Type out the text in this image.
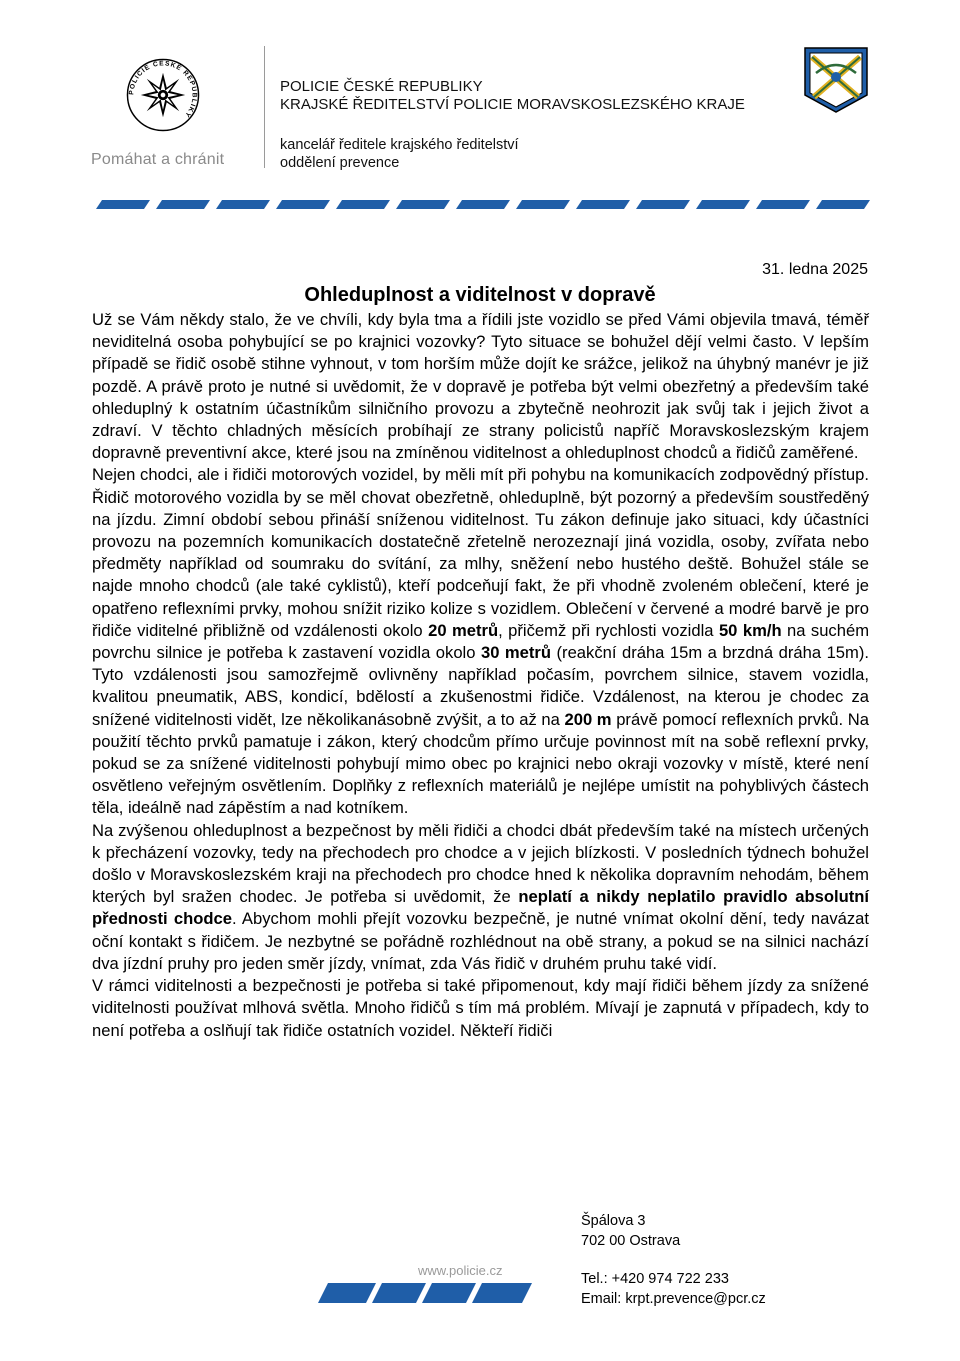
POLICIE ČESKÉ REPUBLIKY
Pomáhat a chránit
POLICIE ČESKÉ REPUBLIKY
KRAJSKÉ ŘEDITELSTVÍ POLICIE MORAVSKOSLEZSKÉHO KRAJE
kancelář ředitele krajského ředitelství
oddělení prevence
31. ledna 2025
Ohleduplnost a viditelnost v dopravě

Už se Vám někdy stalo, že ve chvíli, kdy byla tma a řídili jste vozidlo se před Vámi objevila tmavá, téměř neviditelná osoba pohybující se po krajnici vozovky? Tyto situace se bohužel dějí velmi často. V lepším případě se řidič osobě stihne vyhnout, v tom horším může dojít ke srážce, jelikož na úhybný manévr je již pozdě. A právě proto je nutné si uvědomit, že v dopravě je potřeba být velmi obezřetný a především také ohleduplný k ostatním účastníkům silničního provozu a zbytečně neohrozit jak svůj tak i jejich život a zdraví. V těchto chladných měsících probíhají ze strany policistů napříč Moravskoslezským krajem dopravně preventivní akce, které jsou na zmíněnou viditelnost a ohleduplnost chodců a řidičů zaměřené.

Nejen chodci, ale i řidiči motorových vozidel, by měli mít při pohybu na komunikacích zodpovědný přístup. Řidič motorového vozidla by se měl chovat obezřetně, ohleduplně, být pozorný a především soustředěný na jízdu. Zimní období sebou přináší sníženou viditelnost. Tu zákon definuje jako situaci, kdy účastníci provozu na pozemních komunikacích dostatečně zřetelně nerozeznají jiná vozidla, osoby, zvířata nebo předměty například od soumraku do svítání, za mlhy, sněžení nebo hustého deště. Bohužel stále se najde mnoho chodců (ale také cyklistů), kteří podceňují fakt, že při vhodně zvoleném oblečení, které je opatřeno reflexními prvky, mohou snížit riziko kolize s vozidlem. Oblečení v červené a modré barvě je pro řidiče viditelné přibližně od vzdálenosti okolo 20 metrů, přičemž při rychlosti vozidla 50 km/h na suchém povrchu silnice je potřeba k zastavení vozidla okolo 30 metrů (reakční dráha 15m a brzdná dráha 15m). Tyto vzdálenosti jsou samozřejmě ovlivněny například počasím, povrchem silnice, stavem vozidla, kvalitou pneumatik, ABS, kondicí, bdělostí a zkušenostmi řidiče. Vzdálenost, na kterou je chodec za snížené viditelnosti vidět, lze několikanásobně zvýšit, a to až na 200 m právě pomocí reflexních prvků. Na použití těchto prvků pamatuje i zákon, který chodcům přímo určuje povinnost mít na sobě reflexní prvky, pokud se za snížené viditelnosti pohybují mimo obec po krajnici nebo okraji vozovky v místě, které není osvětleno veřejným osvětlením. Doplňky z reflexních materiálů je nejlépe umístit na pohyblivých částech těla, ideálně nad zápěstím a nad kotníkem.

Na zvýšenou ohleduplnost a bezpečnost by měli řidiči a chodci dbát především také na místech určených k přecházení vozovky, tedy na přechodech pro chodce a v jejich blízkosti. V posledních týdnech bohužel došlo v Moravskoslezském kraji na přechodech pro chodce hned k několika dopravním nehodám, během kterých byl sražen chodec. Je potřeba si uvědomit, že neplatí a nikdy neplatilo pravidlo absolutní přednosti chodce. Abychom mohli přejít vozovku bezpečně, je nutné vnímat okolní dění, tedy navázat oční kontakt s řidičem. Je nezbytné se pořádně rozhlédnout na obě strany, a pokud se na silnici nachází dva jízdní pruhy pro jeden směr jízdy, vnímat, zda Vás řidič v druhém pruhu také vidí.

V rámci viditelnosti a bezpečnosti je potřeba si také připomenout, kdy mají řidiči během jízdy za snížené viditelnosti používat mlhová světla. Mnoho řidičů s tím má problém. Mívají je zapnutá v případech, kdy to není potřeba a oslňují tak řidiče ostatních vozidel. Někteří řidiči

www.policie.cz
Špálova 3
702 00 Ostrava
Tel.: +420 974 722 233
Email: krpt.prevence@pcr.cz
